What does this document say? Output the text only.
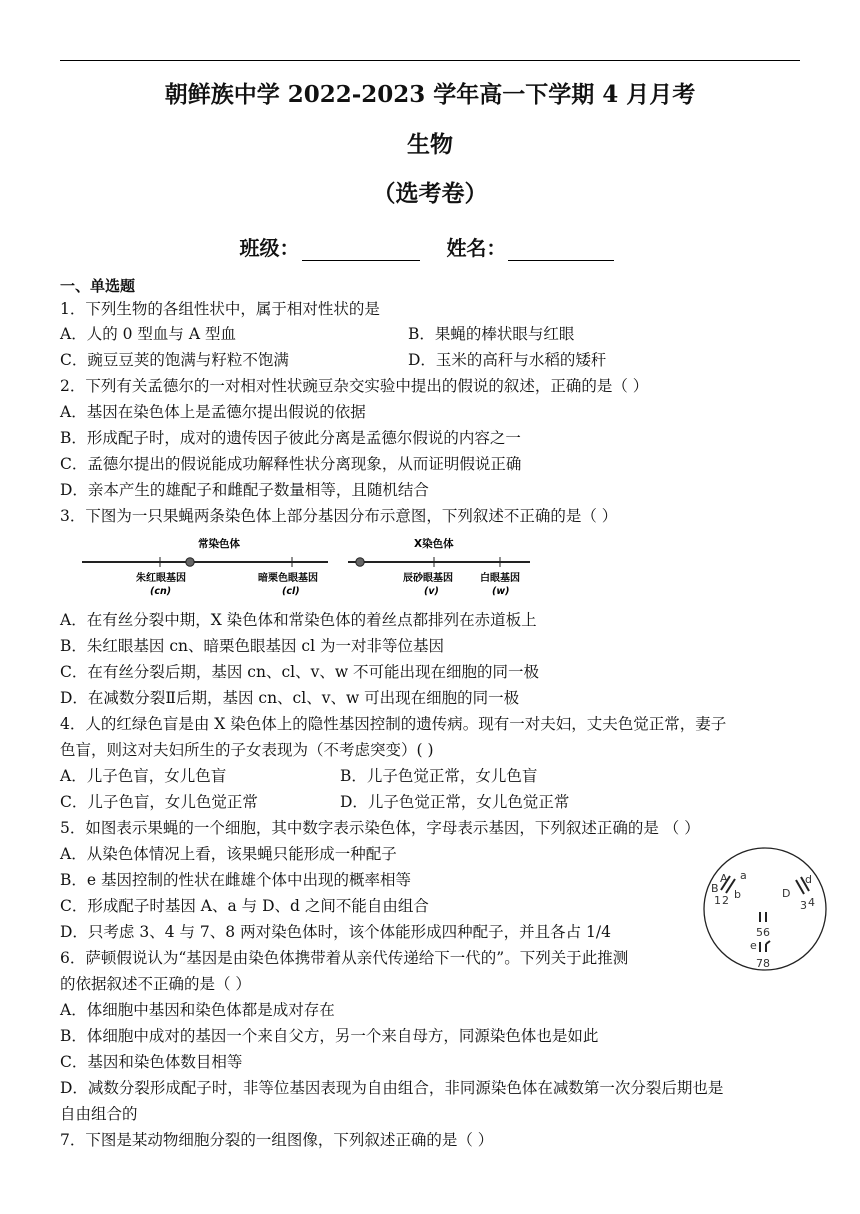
朝鲜族中学 2022-2023 学年高一下学期 4 月月考
生物
（选考卷）
班级：	姓名：
一、单选题
1．下列生物的各组性状中，属于相对性状的是
A．人的 0 型血与 A 型血	B．果蝇的棒状眼与红眼
C．豌豆豆荚的饱满与籽粒不饱满	D．玉米的高秆与水稻的矮秆
2．下列有关孟德尔的一对相对性状豌豆杂交实验中提出的假说的叙述，正确的是（ ）
A．基因在染色体上是孟德尔提出假说的依据
B．形成配子时，成对的遗传因子彼此分离是孟德尔假说的内容之一
C．孟德尔提出的假说能成功解释性状分离现象，从而证明假说正确
D．亲本产生的雄配子和雌配子数量相等，且随机结合
3．下图为一只果蝇两条染色体上部分基因分布示意图，下列叙述不正确的是（ ）
常染色体
朱红眼基因
(cn)
暗栗色眼基因
(cl)
X染色体
辰砂眼基因
(v)
白眼基因
(w)
A．在有丝分裂中期，X 染色体和常染色体的着丝点都排列在赤道板上
B．朱红眼基因 cn、暗栗色眼基因 cl 为一对非等位基因
C．在有丝分裂后期，基因 cn、cl、v、w 不可能出现在细胞的同一极
D．在减数分裂Ⅱ后期，基因 cn、cl、v、w 可出现在细胞的同一极
4．人的红绿色盲是由 X 染色体上的隐性基因控制的遗传病。现有一对夫妇，丈夫色觉正常，妻子
色盲，则这对夫妇所生的子女表现为（不考虑突变）( )
A．儿子色盲，女儿色盲	B．儿子色觉正常，女儿色盲
C．儿子色盲，女儿色觉正常	D．儿子色觉正常，女儿色觉正常
5．如图表示果蝇的一个细胞，其中数字表示染色体，字母表示基因，下列叙述正确的是 （ ）
A．从染色体情况上看，该果蝇只能形成一种配子
B．e 基因控制的性状在雌雄个体中出现的概率相等
C．形成配子时基因 A、a 与 D、d 之间不能自由组合
D．只考虑 3、4 与 7、8 两对染色体时，该个体能形成四种配子，并且各占 1/4
A a
B b
1 2
D
d
3 4
56
e
78
6．萨顿假说认为“基因是由染色体携带着从亲代传递给下一代的”。下列关于此推测
的依据叙述不正确的是（ ）
A．体细胞中基因和染色体都是成对存在
B．体细胞中成对的基因一个来自父方，另一个来自母方，同源染色体也是如此
C．基因和染色体数目相等
D．减数分裂形成配子时，非等位基因表现为自由组合，非同源染色体在减数第一次分裂后期也是
自由组合的
7．下图是某动物细胞分裂的一组图像，下列叙述正确的是（ ）
